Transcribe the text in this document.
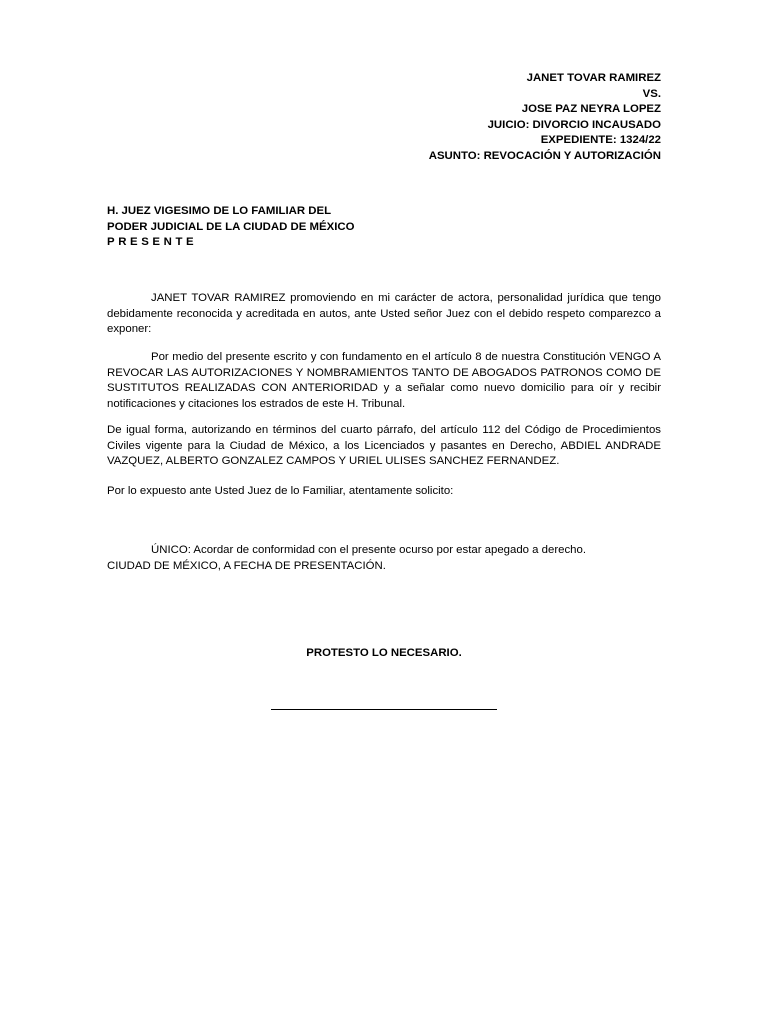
JANET TOVAR RAMIREZ
VS.
JOSE PAZ NEYRA LOPEZ
JUICIO: DIVORCIO INCAUSADO
EXPEDIENTE: 1324/22
ASUNTO: REVOCACIÓN Y AUTORIZACIÓN
H. JUEZ VIGESIMO DE LO FAMILIAR DEL
PODER JUDICIAL DE LA CIUDAD DE MÉXICO
PRESENTE

JANET TOVAR RAMIREZ promoviendo en mi carácter de actora, personalidad jurídica que tengo debidamente reconocida y acreditada en autos, ante Usted señor Juez con el debido respeto comparezco a exponer:

Por medio del presente escrito y con fundamento en el artículo 8 de nuestra Constitución VENGO A REVOCAR LAS AUTORIZACIONES Y NOMBRAMIENTOS TANTO DE ABOGADOS PATRONOS COMO DE SUSTITUTOS REALIZADAS CON ANTERIORIDAD y a señalar como nuevo domicilio para oír y recibir notificaciones y citaciones los estrados de este H. Tribunal.

De igual forma, autorizando en términos del cuarto párrafo, del artículo 112 del Código de Procedimientos Civiles vigente para la Ciudad de México, a los Licenciados y pasantes en Derecho, ABDIEL ANDRADE VAZQUEZ, ALBERTO GONZALEZ CAMPOS Y URIEL ULISES SANCHEZ FERNANDEZ.

Por lo expuesto ante Usted Juez de lo Familiar, atentamente solicito:

ÚNICO: Acordar de conformidad con el presente ocurso por estar apegado a derecho.
CIUDAD DE MÉXICO, A FECHA DE PRESENTACIÓN.
PROTESTO LO NECESARIO.
